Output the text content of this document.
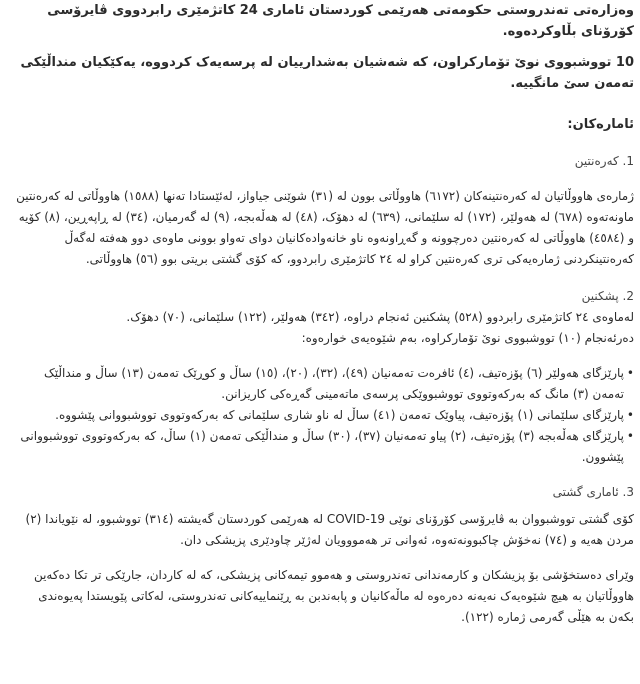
وەزارەتی تەندروستی حکومەتی هەرێمی کوردستان ئاماری 24 کاتژمێری رابردووی ڤایرۆسی کۆرۆنای بڵاوکردەوە.

10 تووشبووی نوێ تۆمارکراون، کە شەشیان بەشدارییان لە پرسەیەک کردووە، یەکێکیان منداڵێکی تەمەن سێ مانگییە.

ئامارەکان:

1. کەرەنتین

ژمارەی هاووڵاتیان لە کەرەنتینەکان (٦١٧٢) هاووڵاتی بوون لە (٣١) شوێنی جیاواز، لەئێستادا تەنها (١٥٨٨) هاووڵاتی لە کەرەنتین ماونەتەوە (٦٧٨) لە هەولێر، (١٧٢) لە سلێمانی، (٦٣٩) لە دهۆک، (٤٨) لە هەڵەبجە، (٩) لە گەرمیان، (٣٤) لە ڕاپەڕین، (٨) کۆیە و (٤٥٨٤) هاووڵاتی لە کەرەنتین دەرچوونە و گەڕاونەوە ناو خانەوادەکانیان دوای تەواو بوونی ماوەی دوو هەفتە لەگەڵ کەرەنتینکردنی ژمارەیەکی تری کەرەنتین کراو لە ٢٤ کاتژمێری رابردوو، کە کۆی گشتی بریتی بوو (٥٦) هاووڵاتی.

2. پشکنین

لەماوەی ٢٤ کاتژمێری رابردوو (٥٢٨) پشکنین ئەنجام دراوە، (٣٤٢) هەولێر، (١٢٢) سلێمانی، (٧٠) دهۆک.

دەرئەنجام (١٠) تووشبووی نوێ تۆمارکراوە، بەم شێوەیەی خوارەوە:

• پارێزگای هەولێر (٦) پۆزەتیف، (٤) ئافرەت تەمەنیان (٤٩)، (٣٢)، (٢٠)، (١٥) ساڵ و کوڕێک تەمەن (١٣) ساڵ و منداڵێک تەمەن (٣) مانگ کە بەرکەوتووی تووشبووێکی پرسەی ماتەمینی گەڕەکی کاریزانن.

• پارێزگای سلێمانی (١) پۆزەتیف، پیاوێک تەمەن (٤١) ساڵ لە ناو شاری سلێمانی کە بەرکەوتووی تووشبووانی پێشووە.

• پارێزگای هەڵەبجە (٣) پۆزەتیف، (٢) پیاو تەمەنیان (٣٧)، (٣٠) ساڵ و منداڵێکی تەمەن (١) ساڵ، کە بەرکەوتووی تووشبووانی پێشوون.

3. ئاماری گشتی

کۆی گشتی تووشبووان بە ڤایرۆسی کۆرۆنای نوێی COVID-19 لە هەرێمی کوردستان گەیشتە (٣١٤) تووشبوو، لە نێویاندا (٢) مردن هەیە و (٧٤) نەخۆش چاکبوونەتەوە، ئەوانی تر هەمووویان لەژێر چاودێری پزیشکی دان.

وێرای دەستخۆشی بۆ پزیشکان و کارمەندانی تەندروستی و هەموو تیمەکانی پزیشکی، کە لە کاردان، جارێکی تر تکا دەکەین هاووڵاتیان بە هیچ شێوەیەک نەیەنە دەرەوە لە ماڵەکانیان و پابەندبن بە ڕێنماییەکانی تەندروستی، لەکاتی پێویستدا پەیوەندی بکەن بە هێڵی گەرمی ژمارە (١٢٢).
